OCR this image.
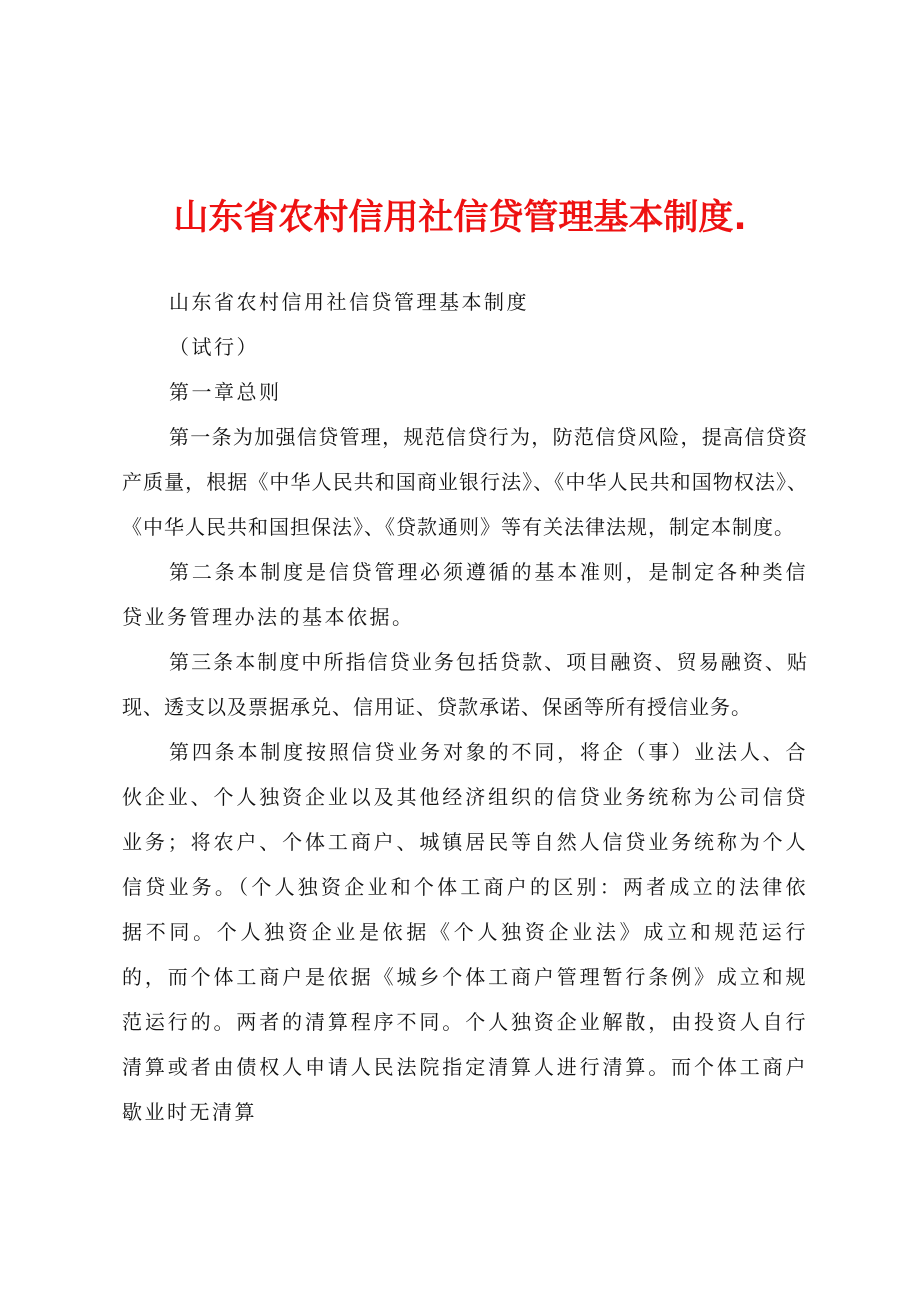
山东省农村信用社信贷管理基本制度.

山东省农村信用社信贷管理基本制度

（试行）

第一章总则

第一条为加强信贷管理，规范信贷行为，防范信贷风险，提高信贷资产质量，根据《中华人民共和国商业银行法》、《中华人民共和国物权法》、《中华人民共和国担保法》、《贷款通则》等有关法律法规，制定本制度。

第二条本制度是信贷管理必须遵循的基本准则，是制定各种类信贷业务管理办法的基本依据。

第三条本制度中所指信贷业务包括贷款、项目融资、贸易融资、贴现、透支以及票据承兑、信用证、贷款承诺、保函等所有授信业务。

第四条本制度按照信贷业务对象的不同，将企（事）业法人、合伙企业、个人独资企业以及其他经济组织的信贷业务统称为公司信贷业务；将农户、个体工商户、城镇居民等自然人信贷业务统称为个人信贷业务。（个人独资企业和个体工商户的区别：两者成立的法律依据不同。个人独资企业是依据《个人独资企业法》成立和规范运行的，而个体工商户是依据《城乡个体工商户管理暂行条例》成立和规范运行的。两者的清算程序不同。个人独资企业解散，由投资人自行清算或者由债权人申请人民法院指定清算人进行清算。而个体工商户歇业时无清算
